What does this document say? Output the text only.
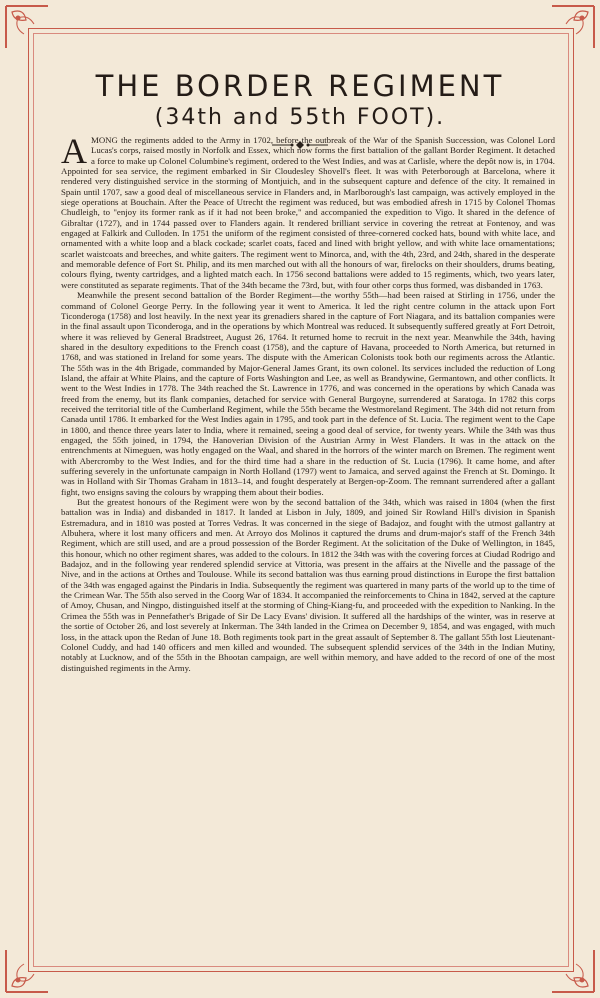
THE BORDER REGIMENT
(34th and 55th FOOT).

AMONG the regiments added to the Army in 1702, before the outbreak of the War of the Spanish Succession, was Colonel Lord Lucas's corps, raised mostly in Norfolk and Essex, which now forms the first battalion of the gallant Border Regiment. It detached a force to make up Colonel Columbine's regiment, ordered to the West Indies, and was at Carlisle, where the depôt now is, in 1704. Appointed for sea service, the regiment embarked in Sir Cloudesley Shovell's fleet. It was with Peterborough at Barcelona, where it rendered very distinguished service in the storming of Montjuich, and in the subsequent capture and defence of the city. It remained in Spain until 1707, saw a good deal of miscellaneous service in Flanders and, in Marlborough's last campaign, was actively employed in the siege operations at Bouchain. After the Peace of Utrecht the regiment was reduced, but was embodied afresh in 1715 by Colonel Thomas Chudleigh, to "enjoy its former rank as if it had not been broke," and accompanied the expedition to Vigo. It shared in the defence of Gibraltar (1727), and in 1744 passed over to Flanders again. It rendered brilliant service in covering the retreat at Fontenoy, and was engaged at Falkirk and Culloden. In 1751 the uniform of the regiment consisted of three-cornered cocked hats, bound with white lace, and ornamented with a white loop and a black cockade; scarlet coats, faced and lined with bright yellow, and with white lace ornamentations; scarlet waistcoats and breeches, and white gaiters. The regiment went to Minorca, and, with the 4th, 23rd, and 24th, shared in the desperate and memorable defence of Fort St. Philip, and its men marched out with all the honours of war, firelocks on their shoulders, drums beating, colours flying, twenty cartridges, and a lighted match each. In 1756 second battalions were added to 15 regiments, which, two years later, were constituted as separate regiments. That of the 34th became the 73rd, but, with four other corps thus formed, was disbanded in 1763.

Meanwhile the present second battalion of the Border Regiment—the worthy 55th—had been raised at Stirling in 1756, under the command of Colonel George Perry. In the following year it went to America. It led the right centre column in the attack upon Fort Ticonderoga (1758) and lost heavily. In the next year its grenadiers shared in the capture of Fort Niagara, and its battalion companies were in the final assault upon Ticonderoga, and in the operations by which Montreal was reduced. It subsequently suffered greatly at Fort Detroit, where it was relieved by General Bradstreet, August 26, 1764. It returned home to recruit in the next year. Meanwhile the 34th, having shared in the desultory expeditions to the French coast (1758), and the capture of Havana, proceeded to North America, but returned in 1768, and was stationed in Ireland for some years. The dispute with the American Colonists took both our regiments across the Atlantic. The 55th was in the 4th Brigade, commanded by Major-General James Grant, its own colonel. Its services included the reduction of Long Island, the affair at White Plains, and the capture of Forts Washington and Lee, as well as Brandywine, Germantown, and other conflicts. It went to the West Indies in 1778. The 34th reached the St. Lawrence in 1776, and was concerned in the operations by which Canada was freed from the enemy, but its flank companies, detached for service with General Burgoyne, surrendered at Saratoga. In 1782 this corps received the territorial title of the Cumberland Regiment, while the 55th became the Westmoreland Regiment. The 34th did not return from Canada until 1786. It embarked for the West Indies again in 1795, and took part in the defence of St. Lucia. The regiment went to the Cape in 1800, and thence three years later to India, where it remained, seeing a good deal of service, for twenty years. While the 34th was thus engaged, the 55th joined, in 1794, the Hanoverian Division of the Austrian Army in West Flanders. It was in the attack on the entrenchments at Nimeguen, was hotly engaged on the Waal, and shared in the horrors of the winter march on Bremen. The regiment went with Abercromby to the West Indies, and for the third time had a share in the reduction of St. Lucia (1796). It came home, and after suffering severely in the unfortunate campaign in North Holland (1797) went to Jamaica, and served against the French at St. Domingo. It was in Holland with Sir Thomas Graham in 1813–14, and fought desperately at Bergen-op-Zoom. The remnant surrendered after a gallant fight, two ensigns saving the colours by wrapping them about their bodies.

But the greatest honours of the Regiment were won by the second battalion of the 34th, which was raised in 1804 (when the first battalion was in India) and disbanded in 1817. It landed at Lisbon in July, 1809, and joined Sir Rowland Hill's division in Spanish Estremadura, and in 1810 was posted at Torres Vedras. It was concerned in the siege of Badajoz, and fought with the utmost gallantry at Albuhera, where it lost many officers and men. At Arroyo dos Molinos it captured the drums and drum-major's staff of the French 34th Regiment, which are still used, and are a proud possession of the Border Regiment. At the solicitation of the Duke of Wellington, in 1845, this honour, which no other regiment shares, was added to the colours. In 1812 the 34th was with the covering forces at Ciudad Rodrigo and Badajoz, and in the following year rendered splendid service at Vittoria, was present in the affairs at the Nivelle and the passage of the Nive, and in the actions at Orthes and Toulouse. While its second battalion was thus earning proud distinctions in Europe the first battalion of the 34th was engaged against the Pindaris in India. Subsequently the regiment was quartered in many parts of the world up to the time of the Crimean War. The 55th also served in the Coorg War of 1834. It accompanied the reinforcements to China in 1842, served at the capture of Amoy, Chusan, and Ningpo, distinguished itself at the storming of Ching-Kiang-fu, and proceeded with the expedition to Nanking. In the Crimea the 55th was in Pennefather's Brigade of Sir De Lacy Evans' division. It suffered all the hardships of the winter, was in reserve at the sortie of October 26, and lost severely at Inkerman. The 34th landed in the Crimea on December 9, 1854, and was engaged, with much loss, in the attack upon the Redan of June 18. Both regiments took part in the great assault of September 8. The gallant 55th lost Lieutenant-Colonel Cuddy, and had 140 officers and men killed and wounded. The subsequent splendid services of the 34th in the Indian Mutiny, notably at Lucknow, and of the 55th in the Bhootan campaign, are well within memory, and have added to the record of one of the most distinguished regiments in the Army.
